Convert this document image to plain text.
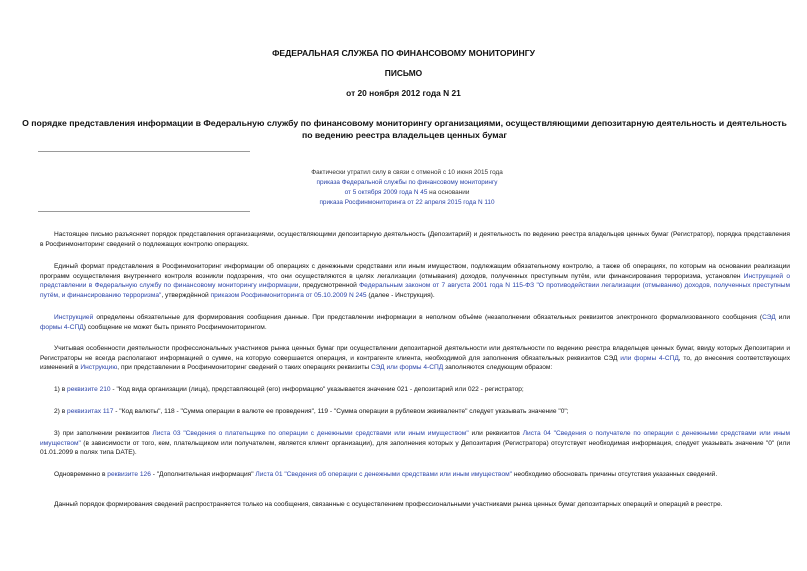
ФЕДЕРАЛЬНАЯ СЛУЖБА ПО ФИНАНСОВОМУ МОНИТОРИНГУ
ПИСЬМО
от 20 ноября 2012 года N 21
О порядке представления информации в Федеральную службу по финансовому мониторингу организациями, осуществляющими депозитарную деятельность и деятельность по ведению реестра владельцев ценных бумаг
Фактически утратил силу в связи с отменой с 10 июня 2015 года
приказа Федеральной службы по финансовому мониторингу
от 5 октября 2009 года N 45 на основании
приказа Росфинмониторинга от 22 апреля 2015 года N 110

Настоящее письмо разъясняет порядок представления организациями, осуществляющими депозитарную деятельность (Депозитарий) и деятельность по ведению реестра владельцев ценных бумаг (Регистратор), порядка представления в Росфинмониторинг сведений о подлежащих контролю операциях.

Единый формат представления в Росфинмониторинг информации об операциях с денежными средствами или иным имуществом, подлежащим обязательному контролю, а также об операциях, по которым на основании реализации программ осуществления внутреннего контроля возникли подозрения, что они осуществляются в целях легализации (отмывания) доходов, полученных преступным путём, или финансирования терроризма, установлен Инструкцией о представлении в Федеральную службу по финансовому мониторингу информации, предусмотренной Федеральным законом от 7 августа 2001 года N 115-ФЗ "О противодействии легализации (отмыванию) доходов, полученных преступным путём, и финансированию терроризма", утверждённой приказом Росфинмониторинга от 05.10.2009 N 245 (далее - Инструкция).

Инструкцией определены обязательные для формирования сообщения данные. При представлении информации в неполном объёме (незаполнении обязательных реквизитов электронного формализованного сообщения (СЭД или формы 4-СПД) сообщение не может быть принято Росфинмониторингом.

Учитывая особенности деятельности профессиональных участников рынка ценных бумаг при осуществлении депозитарной деятельности или деятельности по ведению реестра владельцев ценных бумаг, ввиду которых Депозитарии и Регистраторы не всегда располагают информацией о сумме, на которую совершается операция, и контрагенте клиента, необходимой для заполнения обязательных реквизитов СЭД или формы 4-СПД, то, до внесения соответствующих изменений в Инструкцию, при представлении в Росфинмониторинг сведений о таких операциях реквизиты СЭД или формы 4-СПД заполняются следующим образом:

1) в реквизите 210 - "Код вида организации (лица), представляющей (его) информацию" указывается значение 021 - депозитарий или 022 - регистратор;

2) в реквизитах 117 - "Код валюты", 118 - "Сумма операции в валюте ее проведения", 119 - "Сумма операции в рублевом эквиваленте" следует указывать значение "0";

3) при заполнении реквизитов Листа 03 "Сведения о плательщике по операции с денежными средствами или иным имуществом" или реквизитов Листа 04 "Сведения о получателе по операции с денежными средствами или иным имуществом" (в зависимости от того, кем, плательщиком или получателем, является клиент организации), для заполнения которых у Депозитария (Регистратора) отсутствует необходимая информация, следует указывать значение "0" (или 01.01.2099 в полях типа DATE).

Одновременно в реквизите 126 - "Дополнительная информация" Листа 01 "Сведения об операции с денежными средствами или иным имуществом" необходимо обосновать причины отсутствия указанных сведений.

Данный порядок формирования сведений распространяется только на сообщения, связанные с осуществлением профессиональными участниками рынка ценных бумаг депозитарных операций и операций в реестре.
